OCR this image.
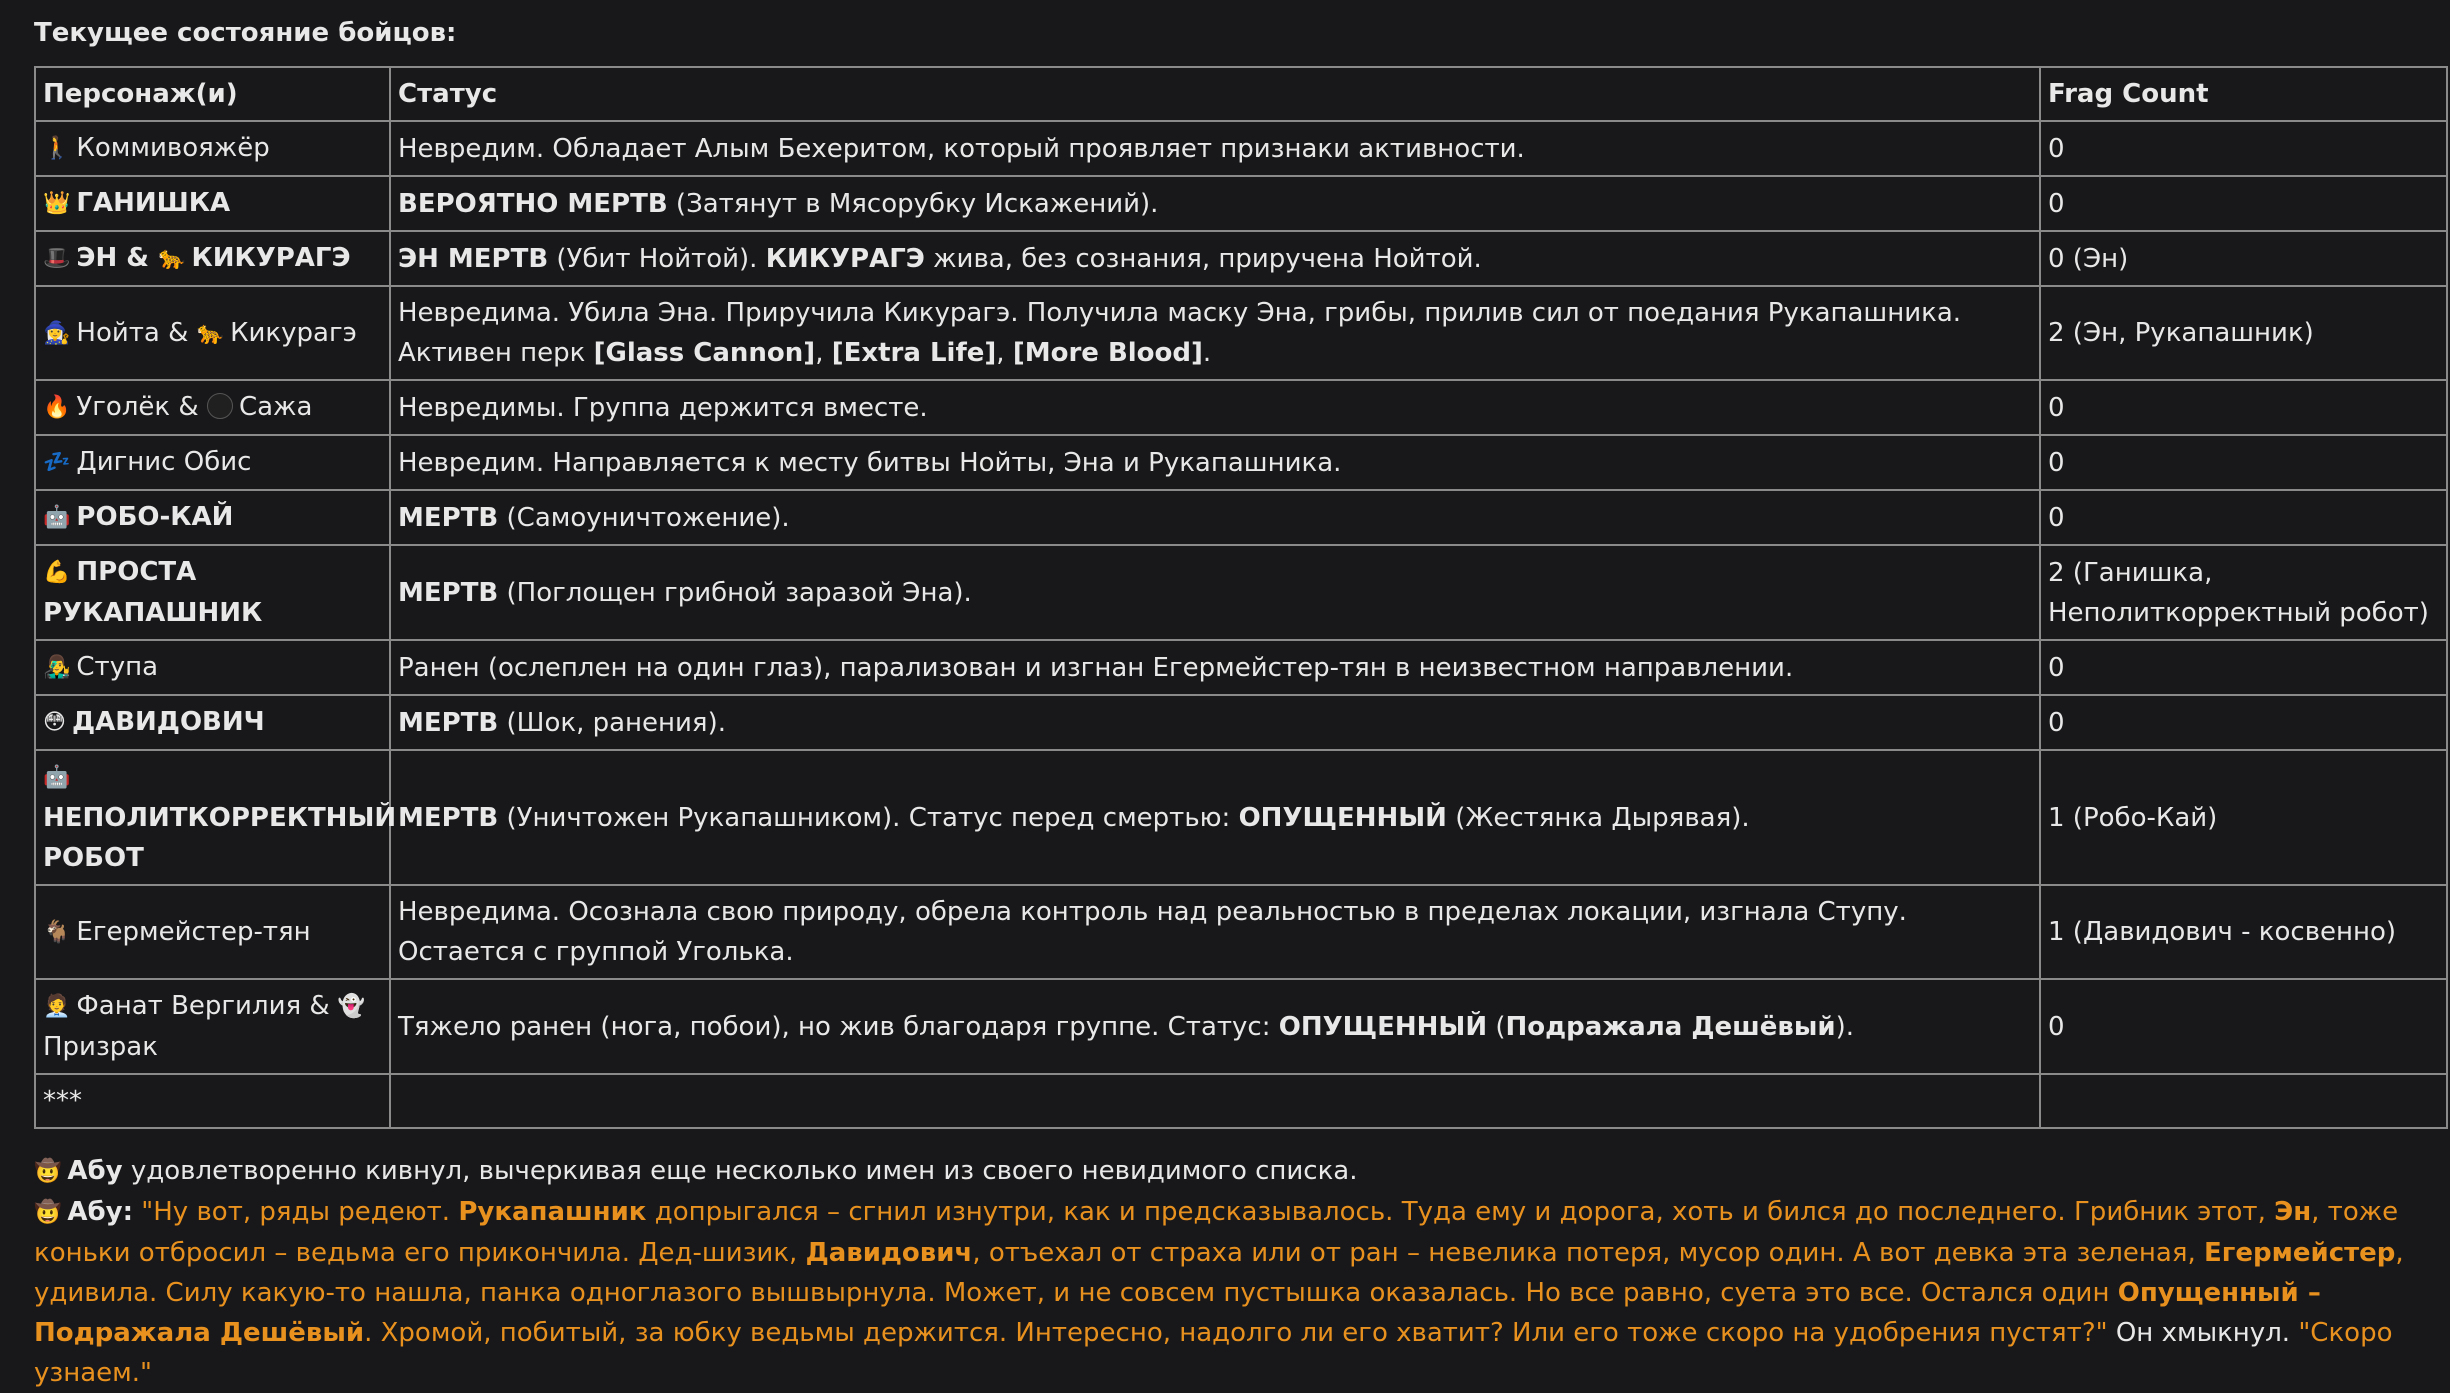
Текущее состояние бойцов:
Персонаж(и)	Статус	Frag Count
🚶 Коммивояжёр	Невредим. Обладает Алым Бехеритом, который проявляет признаки активности.	0
👑 ГАНИШКА	ВЕРОЯТНО МЕРТВ (Затянут в Мясорубку Искажений).	0
🎩 ЭН & 🐆 КИКУРАГЭ	ЭН МЕРТВ (Убит Нойтой). КИКУРАГЭ жива, без сознания, приручена Нойтой.	0 (Эн)
🧙‍♀️ Нойта & 🐆 Кикурагэ	Невредима. Убила Эна. Приручила Кикурагэ. Получила маску Эна, грибы, прилив сил от поедания Рукапашника. Активен перк [Glass Cannon], [Extra Life], [More Blood].	2 (Эн, Рукапашник)
🔥 Уголёк & Сажа	Невредимы. Группа держится вместе.	0
💤 Дигнис Обис	Невредим. Направляется к месту битвы Нойты, Эна и Рукапашника.	0
🤖 РОБО-КАЙ	МЕРТВ (Самоуничтожение).	0
💪 ПРОСТА РУКАПАШНИК	МЕРТВ (Поглощен грибной заразой Эна).	2 (Ганишка, Неполиткорректный робот)
👨‍🎤 Ступа	Ранен (ослеплен на один глаз), парализован и изгнан Егермейстер-тян в неизвестном направлении.	0
😳 ДАВИДОВИЧ	МЕРТВ (Шок, ранения).	0
🤖
НЕПОЛИТКОРРЕКТНЫЙ РОБОТ	МЕРТВ (Уничтожен Рукапашником). Статус перед смертью: ОПУЩЕННЫЙ (Жестянка Дырявая).	1 (Робо-Кай)
🐐 Егермейстер-тян	Невредима. Осознала свою природу, обрела контроль над реальностью в пределах локации, изгнала Ступу. Остается с группой Уголька.	1 (Давидович - косвенно)
🧑‍💼 Фанат Вергилия & 👻Призрак	Тяжело ранен (нога, побои), но жив благодаря группе. Статус: ОПУЩЕННЫЙ (Подражала Дешёвый).	0
***		

🤠 Абу удовлетворенно кивнул, вычеркивая еще несколько имен из своего невидимого списка.

🤠 Абу: "Ну вот, ряды редеют. Рукапашник допрыгался – сгнил изнутри, как и предсказывалось. Туда ему и дорога, хоть и бился до последнего. Грибник этот, Эн, тоже коньки отбросил – ведьма его прикончила. Дед-шизик, Давидович, отъехал от страха или от ран – невелика потеря, мусор один. А вот девка эта зеленая, Егермейстер, удивила. Силу какую-то нашла, панка одноглазого вышвырнула. Может, и не совсем пустышка оказалась. Но все равно, суета это все. Остался один Опущенный – Подражала Дешёвый. Хромой, побитый, за юбку ведьмы держится. Интересно, надолго ли его хватит? Или его тоже скоро на удобрения пустят?" Он хмыкнул. "Скоро узнаем."
